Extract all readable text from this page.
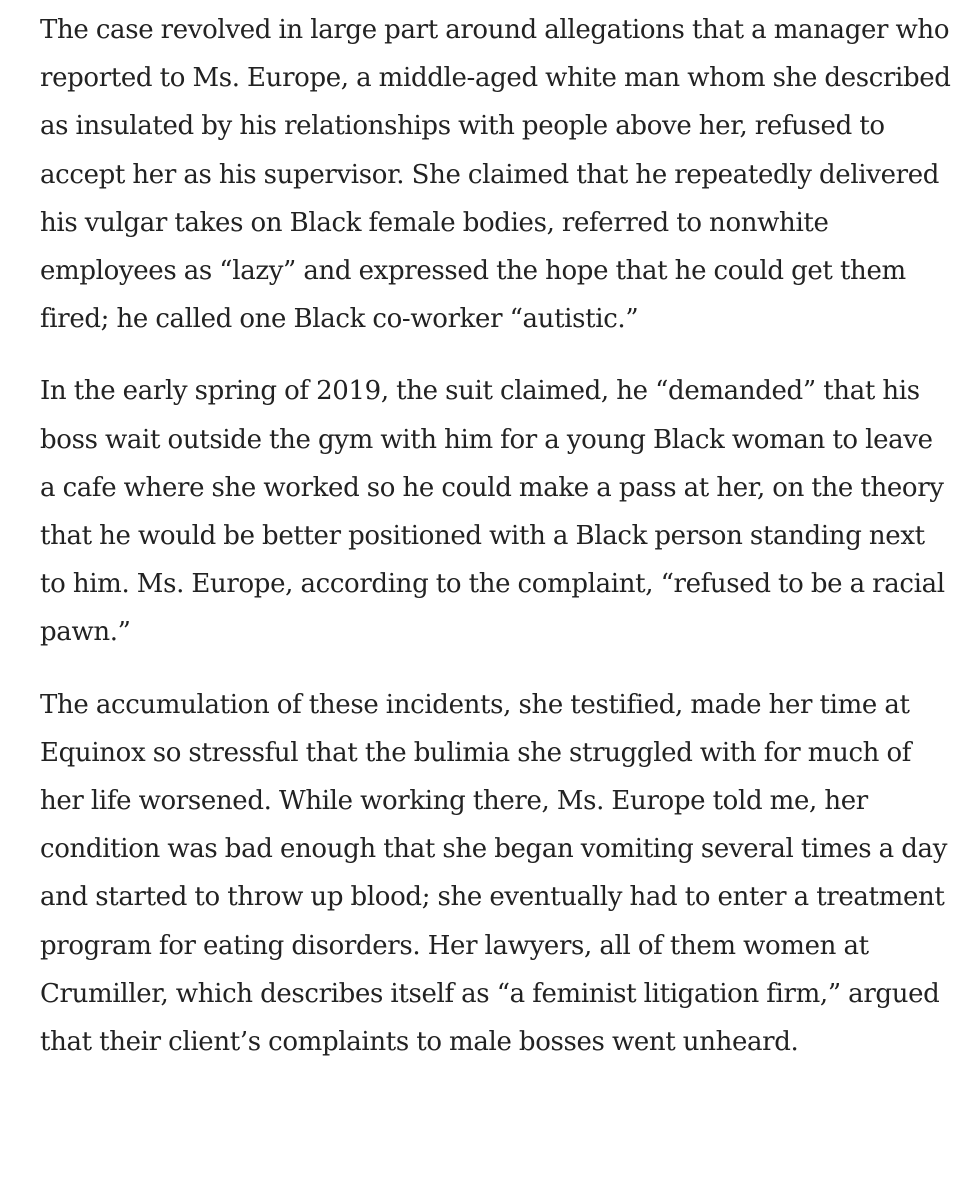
The case revolved in large part around allegations that a manager who reported to Ms. Europe, a middle-aged white man whom she described as insulated by his relationships with people above her, refused to accept her as his supervisor. She claimed that he repeatedly delivered his vulgar takes on Black female bodies, referred to nonwhite employees as “lazy” and expressed the hope that he could get them fired; he called one Black co-worker “autistic.”

In the early spring of 2019, the suit claimed, he “demanded” that his boss wait outside the gym with him for a young Black woman to leave a cafe where she worked so he could make a pass at her, on the theory that he would be better positioned with a Black person standing next to him. Ms. Europe, according to the complaint, “refused to be a racial pawn.”

The accumulation of these incidents, she testified, made her time at Equinox so stressful that the bulimia she struggled with for much of her life worsened. While working there, Ms. Europe told me, her condition was bad enough that she began vomiting several times a day and started to throw up blood; she eventually had to enter a treatment program for eating disorders. Her lawyers, all of them women at Crumiller, which describes itself as “a feminist litigation firm,” argued that their client’s complaints to male bosses went unheard.
